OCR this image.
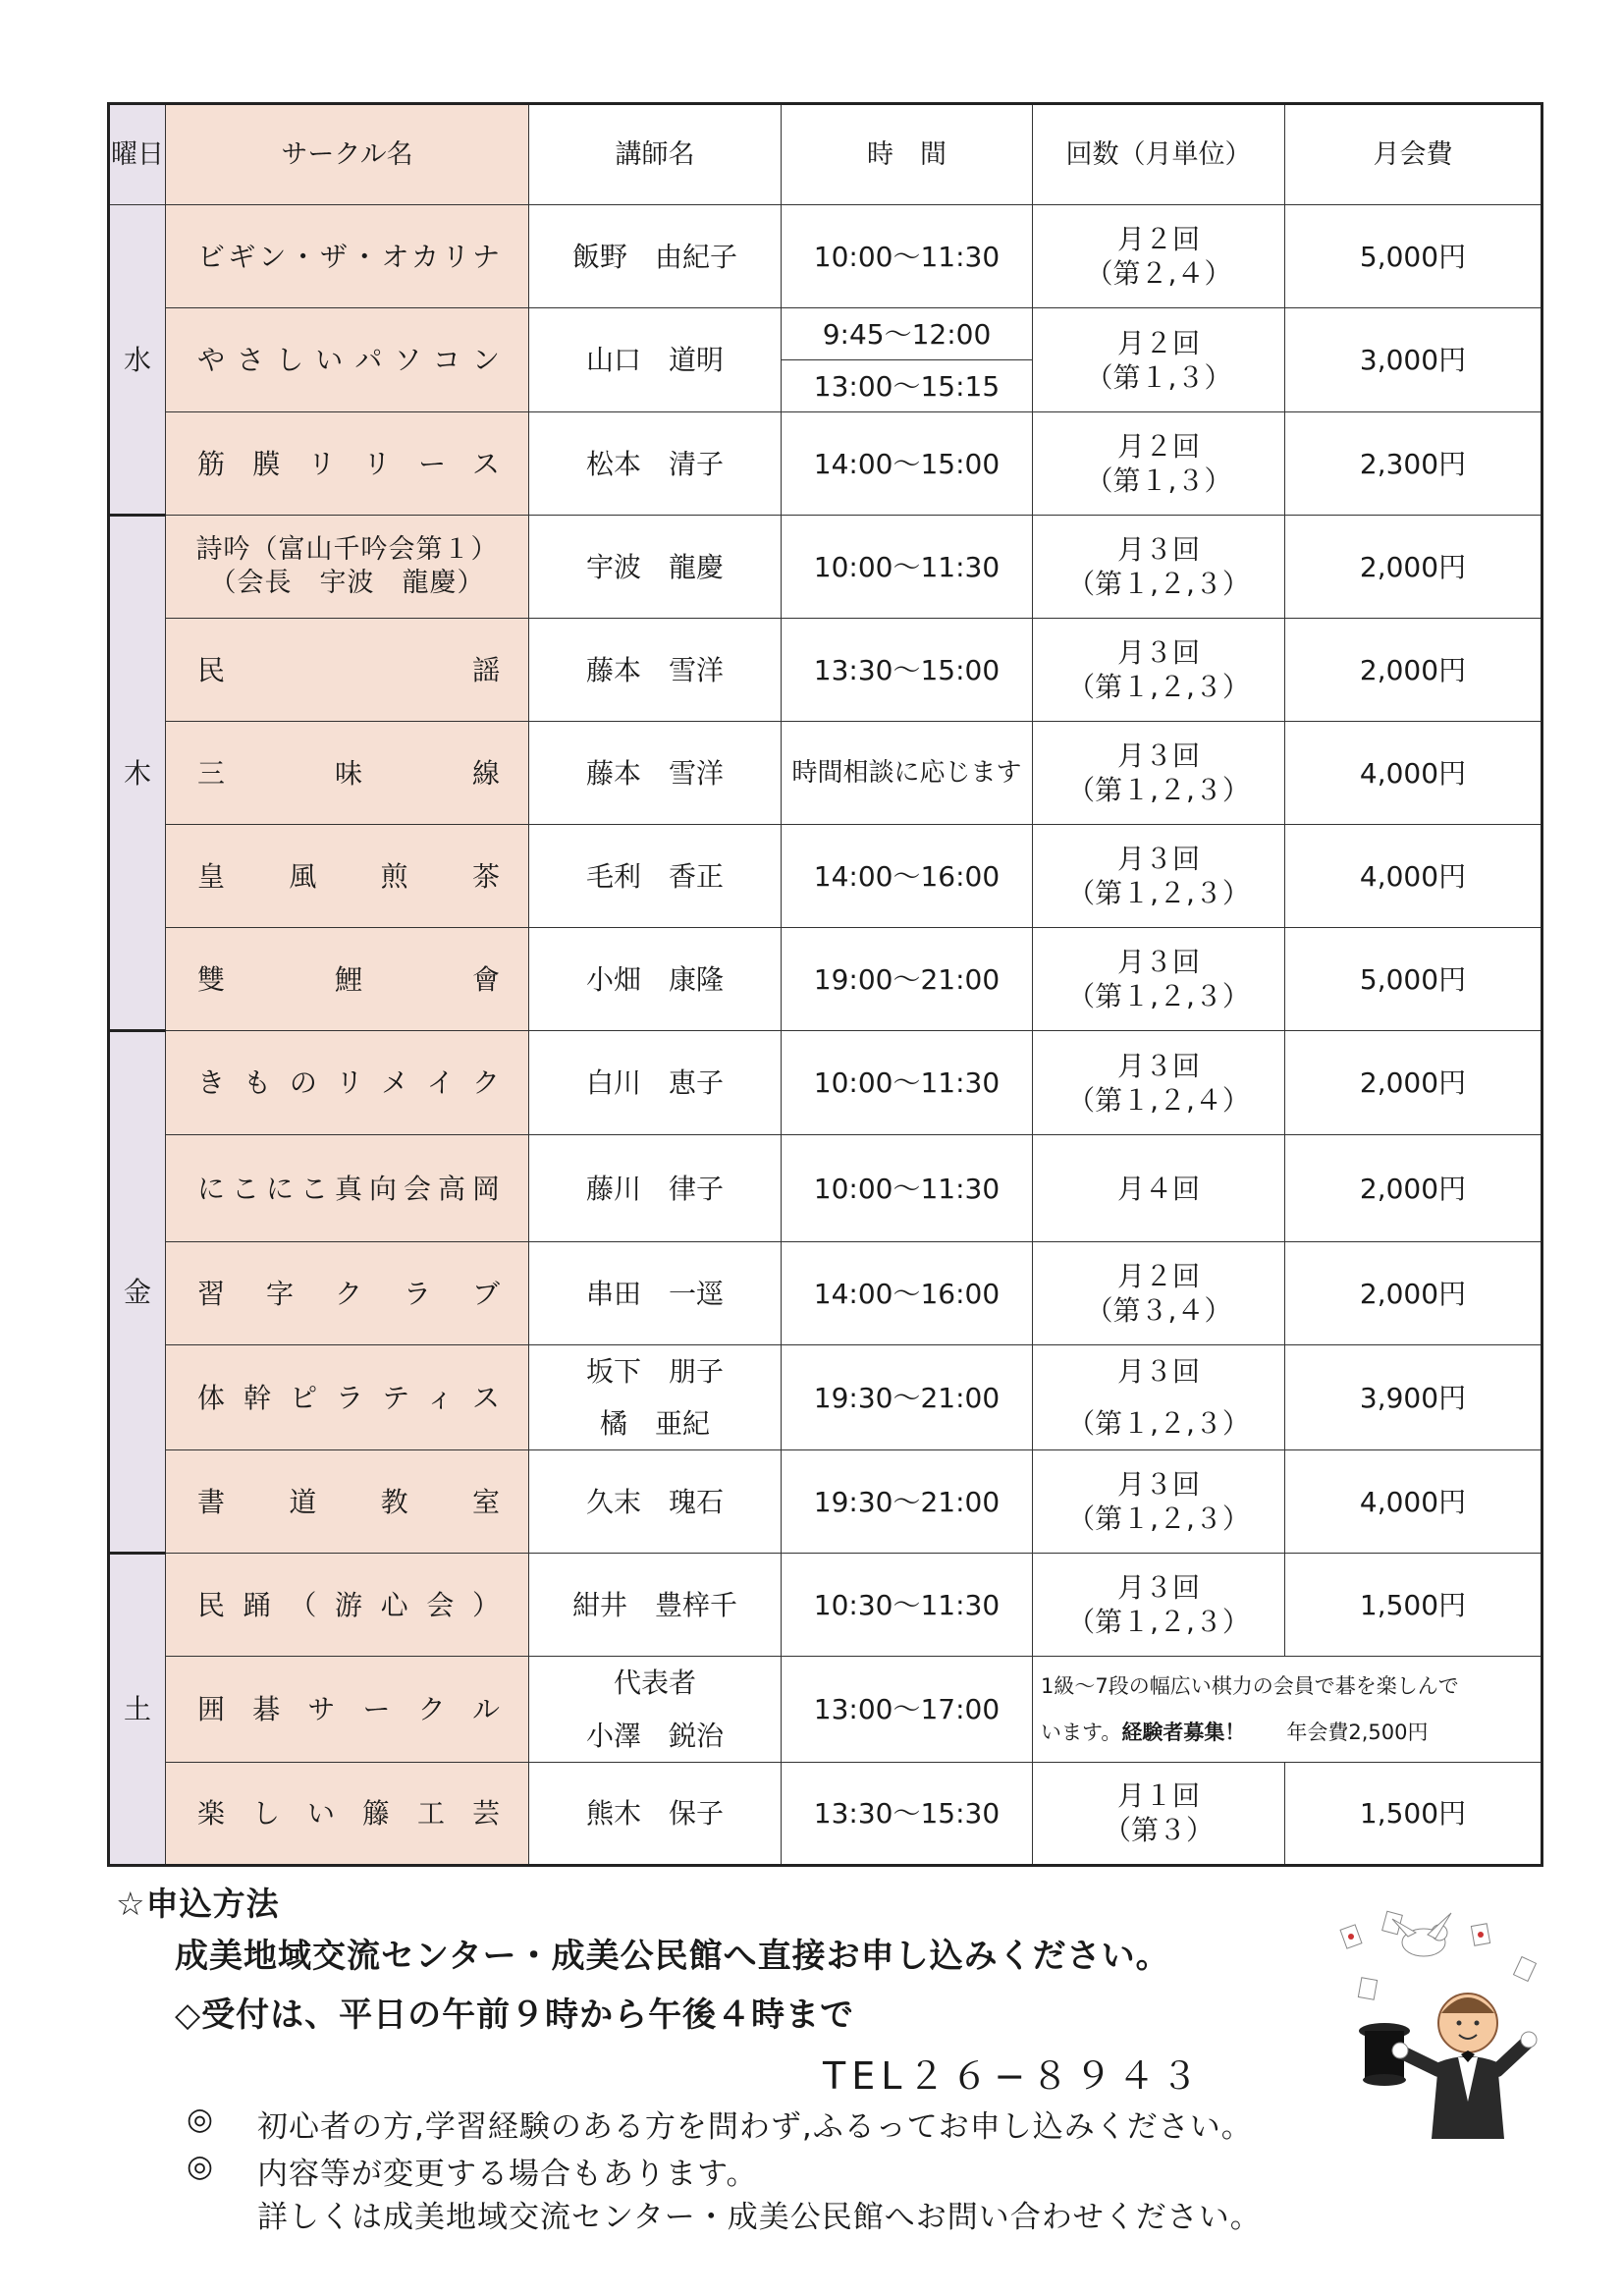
曜日	サークル名	講師名	時　間	回数（月単位）	月会費
水	ビギン・ザ・オカリナ	飯野　由紀子	10:00〜11:30	月２回
（第２,４）	5,000円

	やさしいパソコン	山口　道明	9:45〜12:00
13:00〜15:15	月２回
（第１,３）	3,000円

	筋膜リリース	松本　清子	14:00〜15:00	月２回
（第１,３）	2,300円
木	詩吟（富山千吟会第１）
（会長　宇波　龍慶）	宇波　龍慶	10:00〜11:30	月３回
（第１,２,３）	2,000円

	民謡	藤本　雪洋	13:30〜15:00	月３回
（第１,２,３）	2,000円

	三味線	藤本　雪洋	時間相談に応じます	月３回
（第１,２,３）	4,000円

	皇風煎茶	毛利　香正	14:00〜16:00	月３回
（第１,２,３）	4,000円

	雙鯉會	小畑　康隆	19:00〜21:00	月３回
（第１,２,３）	5,000円
金	きものリメイク	白川　恵子	10:00〜11:30	月３回
（第１,２,４）	2,000円

	にこにこ真向会高岡	藤川　律子	10:00〜11:30	月４回	2,000円

	習字クラブ	串田　一逕	14:00〜16:00	月２回
（第３,４）	2,000円

	体幹ピラティス	坂下　朋子
橘　亜紀	19:30〜21:00	月３回
（第１,２,３）	3,900円

	書道教室	久末　瑰石	19:30〜21:00	月３回
（第１,２,３）	4,000円
土	民踊（游心会）	紺井　豊梓千	10:30〜11:30	月３回
（第１,２,３）	1,500円

	囲碁サークル	代表者
小澤　鋭治	13:00〜17:00	1級〜7段の幅広い棋力の会員で碁を楽しんで
います。経験者募集！　　 年会費2,500円	

	楽しい籐工芸	熊木　保子	13:30〜15:30	月１回
（第３）	1,500円
☆申込方法
成美地域交流センター・成美公民館へ直接お申し込みください。
◇受付は、平日の午前９時から午後４時まで
TEL２６−８９４３
◎ 初心者の方,学習経験のある方を問わず,ふるってお申し込みください。
◎ 内容等が変更する場合もあります。
詳しくは成美地域交流センター・成美公民館へお問い合わせください。
